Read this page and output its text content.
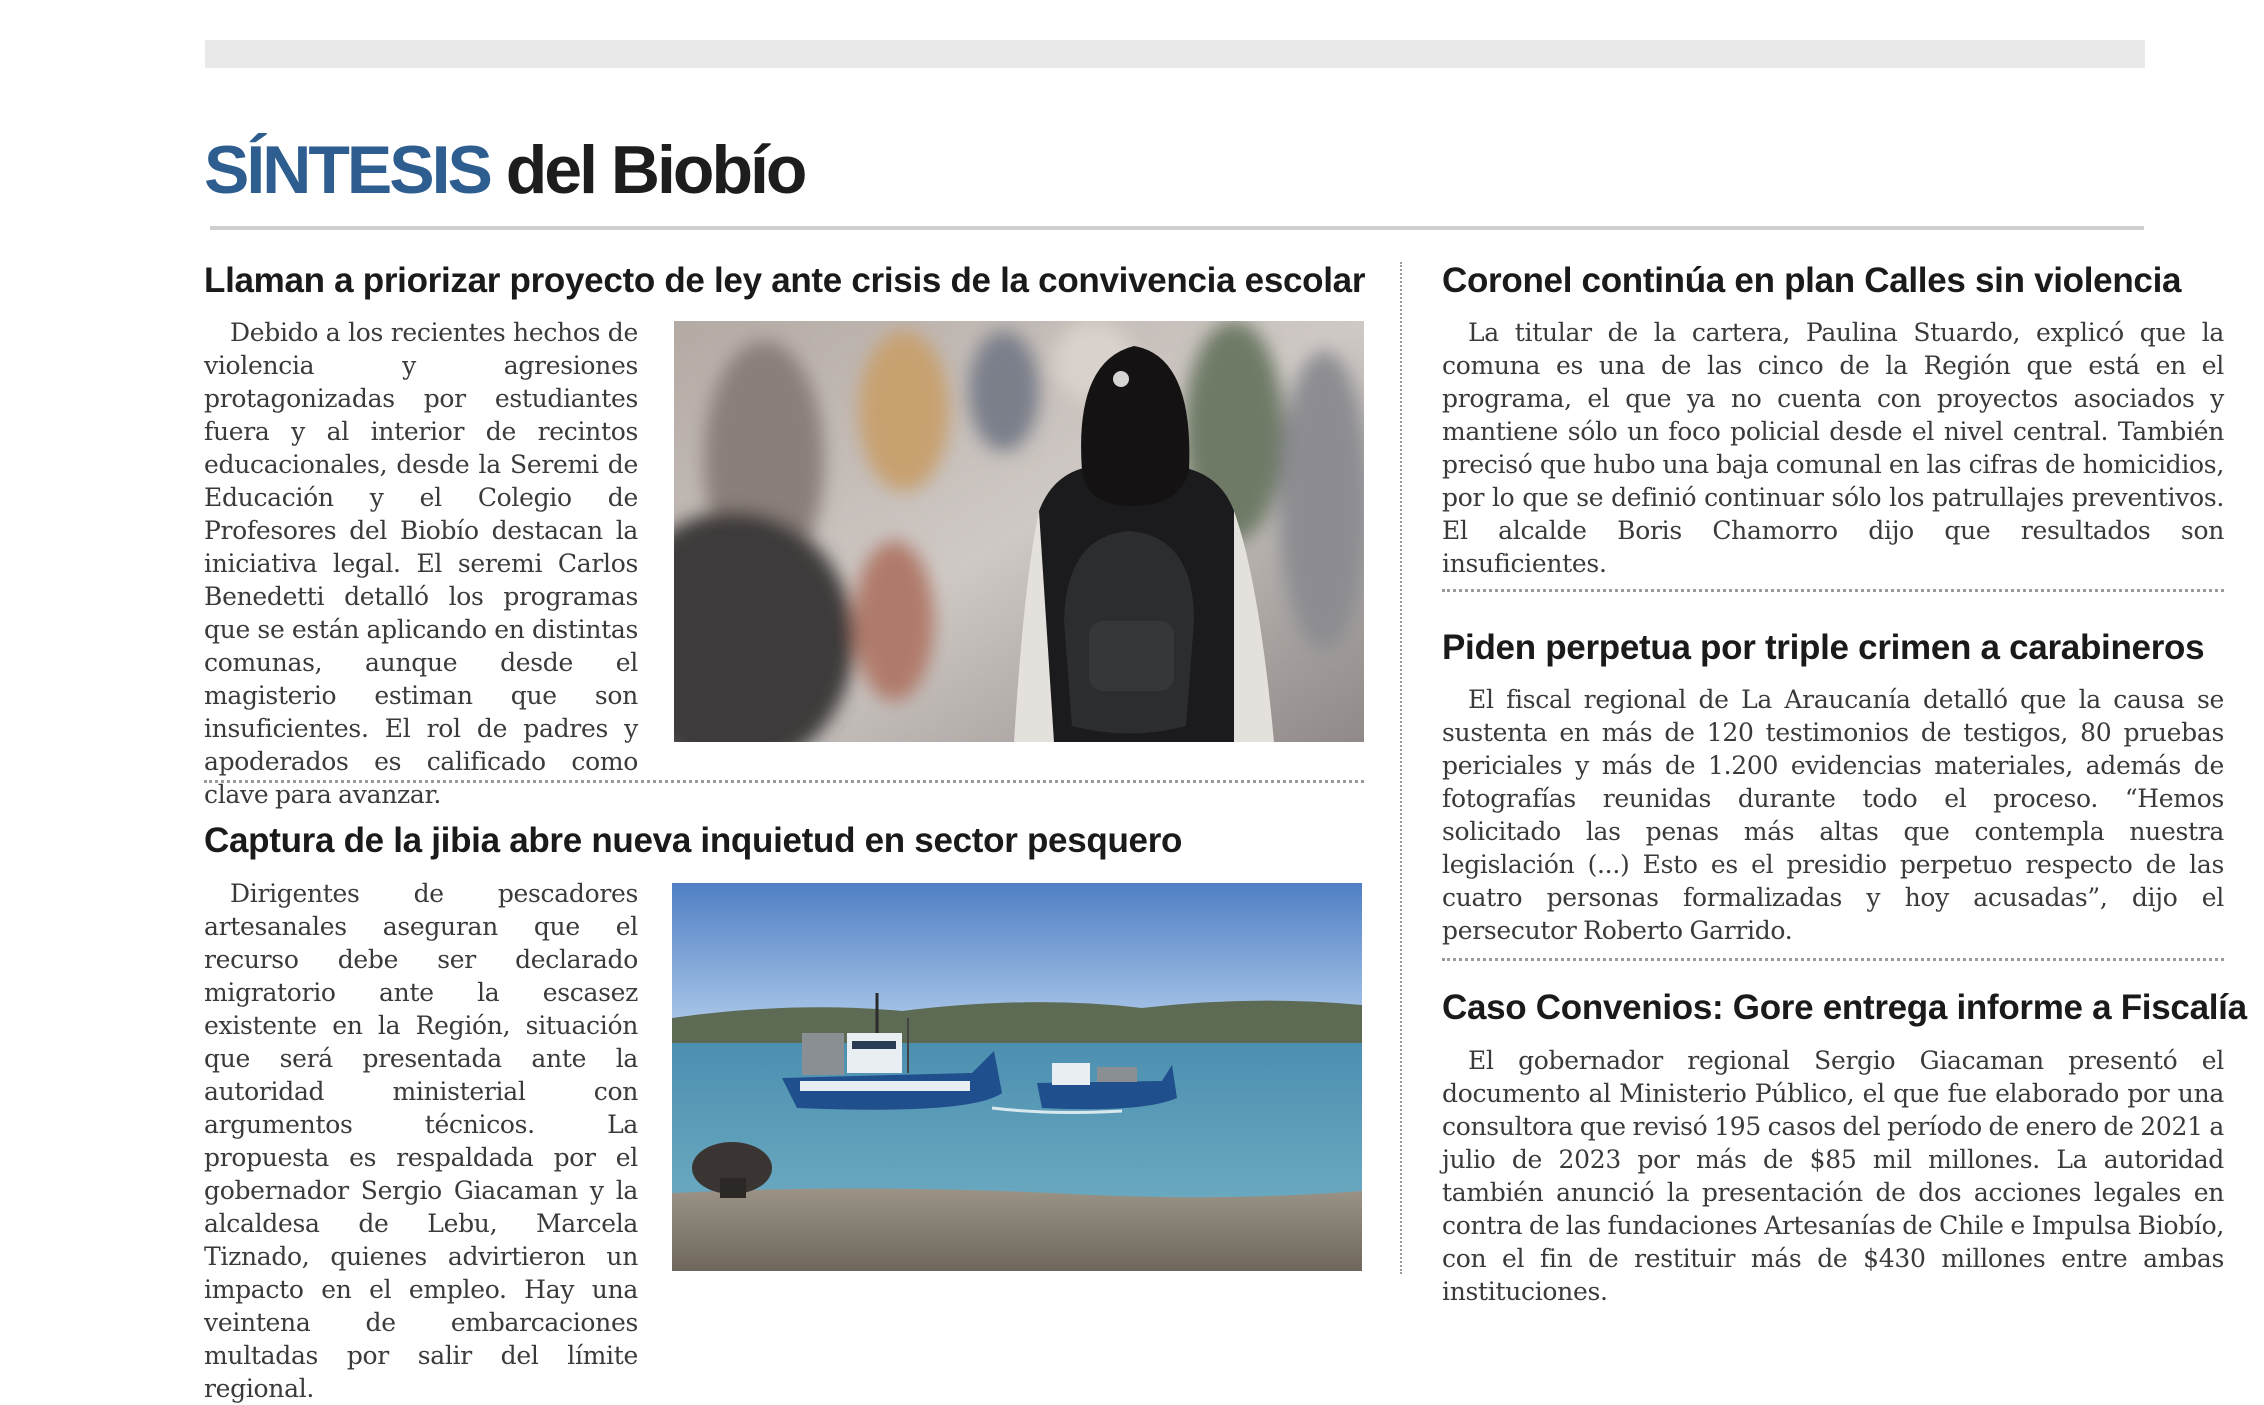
SÍNTESIS del Biobío
Llaman a priorizar proyecto de ley ante crisis de la convivencia escolar

Debido a los recientes hechos de violencia y agresiones protagonizadas por estudiantes fuera y al interior de recintos educacionales, desde la Seremi de Educación y el Colegio de Profesores del Biobío destacan la iniciativa legal. El seremi Carlos Benedetti detalló los programas que se están aplicando en distintas comunas, aunque desde el magisterio estiman que son insuficientes. El rol de padres y apoderados es calificado como clave para avanzar.

Captura de la jibia abre nueva inquietud en sector pesquero

Dirigentes de pescadores artesanales aseguran que el recurso debe ser declarado migratorio ante la escasez existente en la Región, situación que será presentada ante la autoridad ministerial con argumentos técnicos. La propuesta es respaldada por el gobernador Sergio Giacaman y la alcaldesa de Lebu, Marcela Tiznado, quienes advirtieron un impacto en el empleo. Hay una veintena de embarcaciones multadas por salir del límite regional.

Coronel continúa en plan Calles sin violencia

La titular de la cartera, Paulina Stuardo, explicó que la comuna es una de las cinco de la Región que está en el programa, el que ya no cuenta con proyectos asociados y mantiene sólo un foco policial desde el nivel central. También precisó que hubo una baja comunal en las cifras de homicidios, por lo que se definió continuar sólo los patrullajes preventivos. El alcalde Boris Chamorro dijo que resultados son insuficientes.

Piden perpetua por triple crimen a carabineros

El fiscal regional de La Araucanía detalló que la causa se sustenta en más de 120 testimonios de testigos, 80 pruebas periciales y más de 1.200 evidencias materiales, además de fotografías reunidas durante todo el proceso. “Hemos solicitado las penas más altas que contempla nuestra legislación (...) Esto es el presidio perpetuo respecto de las cuatro personas formalizadas y hoy acusadas”, dijo el persecutor Roberto Garrido.

Caso Convenios: Gore entrega informe a Fiscalía

El gobernador regional Sergio Giacaman presentó el documento al Ministerio Público, el que fue elaborado por una consultora que revisó 195 casos del período de enero de 2021 a julio de 2023 por más de $85 mil millones. La autoridad también anunció la presentación de dos acciones legales en contra de las fundaciones Artesanías de Chile e Impulsa Biobío, con el fin de restituir más de $430 millones entre ambas instituciones.
